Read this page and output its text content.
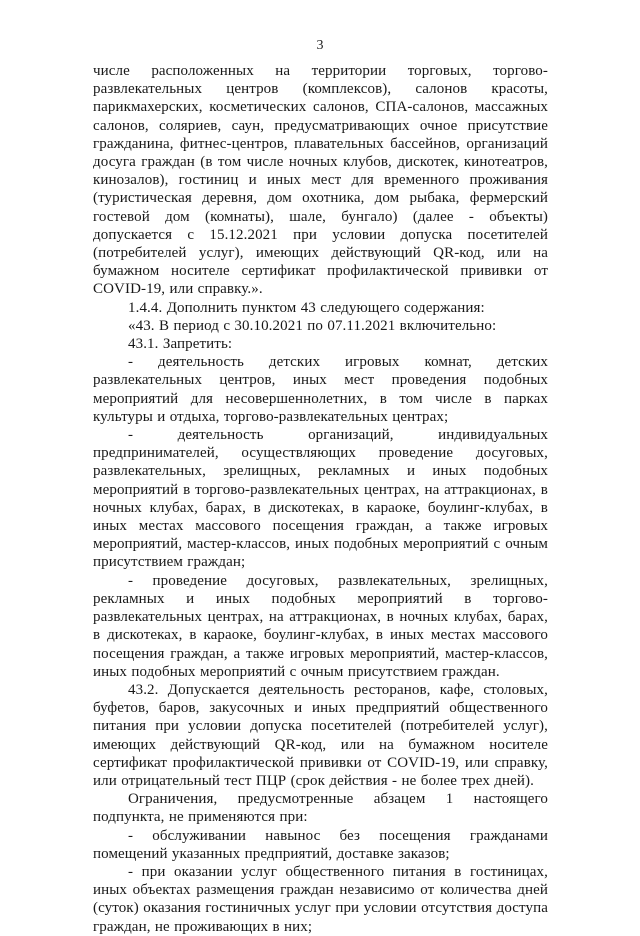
3

числе расположенных на территории торговых, торгово-развлекательных центров (комплексов), салонов красоты, парикмахерских, косметических салонов, СПА-салонов, массажных салонов, соляриев, саун, предусматривающих очное присутствие гражданина, фитнес-центров, плавательных бассейнов, организаций досуга граждан (в том числе ночных клубов, дискотек, кинотеатров, кинозалов), гостиниц и иных мест для временного проживания (туристическая деревня, дом охотника, дом рыбака, фермерский гостевой дом (комнаты), шале, бунгало) (далее - объекты) допускается с 15.12.2021 при условии допуска посетителей (потребителей услуг), имеющих действующий QR-код, или на бумажном носителе сертификат профилактической прививки от COVID-19, или справку.».

1.4.4. Дополнить пунктом 43 следующего содержания:

«43. В период с 30.10.2021 по 07.11.2021 включительно:

43.1. Запретить:

- деятельность детских игровых комнат, детских развлекательных центров, иных мест проведения подобных мероприятий для несовершеннолетних, в том числе в парках культуры и отдыха, торгово-развлекательных центрах;

- деятельность организаций, индивидуальных предпринимателей, осуществляющих проведение досуговых, развлекательных, зрелищных, рекламных и иных подобных мероприятий в торгово-развлекательных центрах, на аттракционах, в ночных клубах, барах, в дискотеках, в караоке, боулинг-клубах, в иных местах массового посещения граждан, а также игровых мероприятий, мастер-классов, иных подобных мероприятий с очным присутствием граждан;

- проведение досуговых, развлекательных, зрелищных, рекламных и иных подобных мероприятий в торгово-развлекательных центрах, на аттракционах, в ночных клубах, барах, в дискотеках, в караоке, боулинг-клубах, в иных местах массового посещения граждан, а также игровых мероприятий, мастер-классов, иных подобных мероприятий с очным присутствием граждан.

43.2. Допускается деятельность ресторанов, кафе, столовых, буфетов, баров, закусочных и иных предприятий общественного питания при условии допуска посетителей (потребителей услуг), имеющих действующий QR-код, или на бумажном носителе сертификат профилактической прививки от COVID-19, или справку, или отрицательный тест ПЦР (срок действия - не более трех дней).

Ограничения, предусмотренные абзацем 1 настоящего подпункта, не применяются при:

- обслуживании навынос без посещения гражданами помещений указанных предприятий, доставке заказов;

- при оказании услуг общественного питания в гостиницах, иных объектах размещения граждан независимо от количества дней (суток) оказания гостиничных услуг при условии отсутствия доступа граждан, не проживающих в них;
